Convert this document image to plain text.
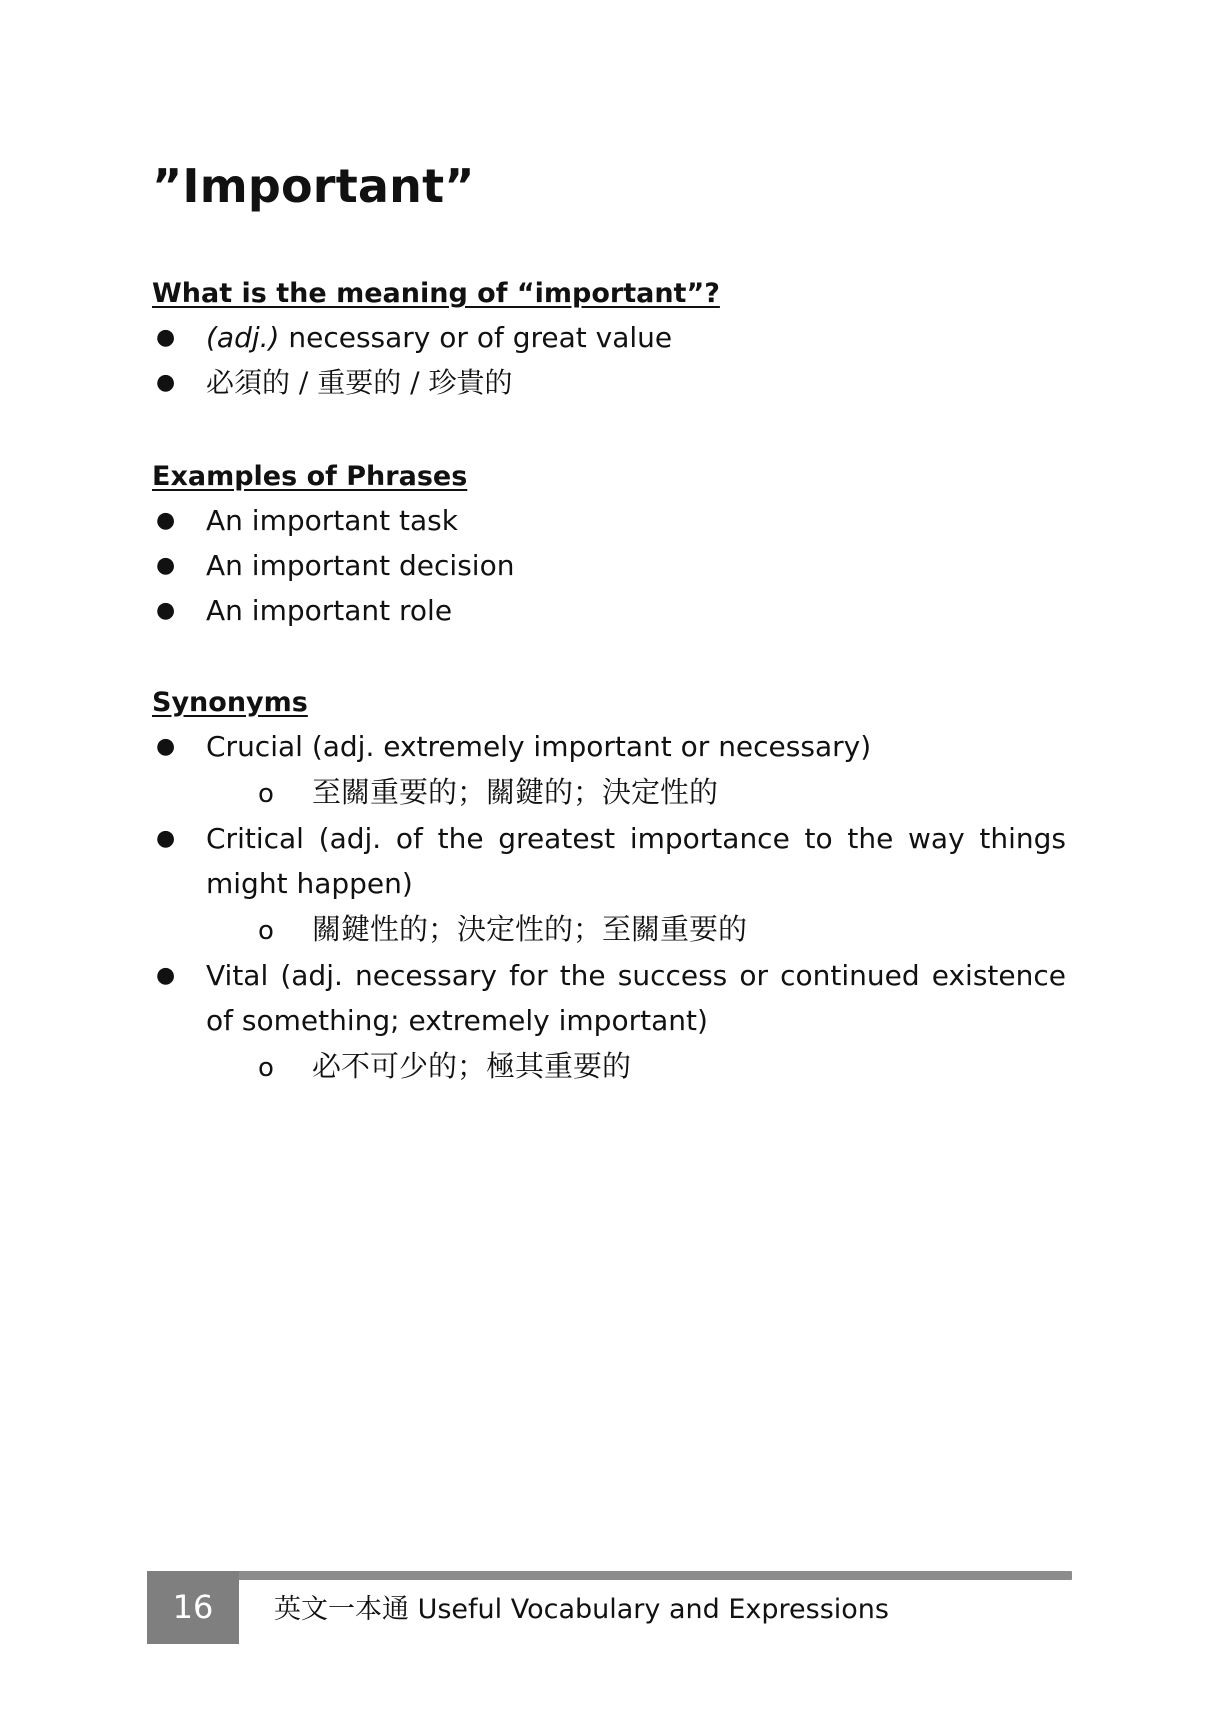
”Important”
What is the meaning of “important”?
● (adj.) necessary or of great value
● 必須的 / 重要的 / 珍貴的
Examples of Phrases
● An important task
● An important decision
● An important role
Synonyms
● Crucial (adj. extremely important or necessary)
o 至關重要的；關鍵的；決定性的
● Critical (adj. of the greatest importance to the way things might happen)
o 關鍵性的；決定性的；至關重要的
● Vital (adj. necessary for the success or continued existence of something; extremely important)
o 必不可少的；極其重要的
16	英文一本通 Useful Vocabulary and Expressions
